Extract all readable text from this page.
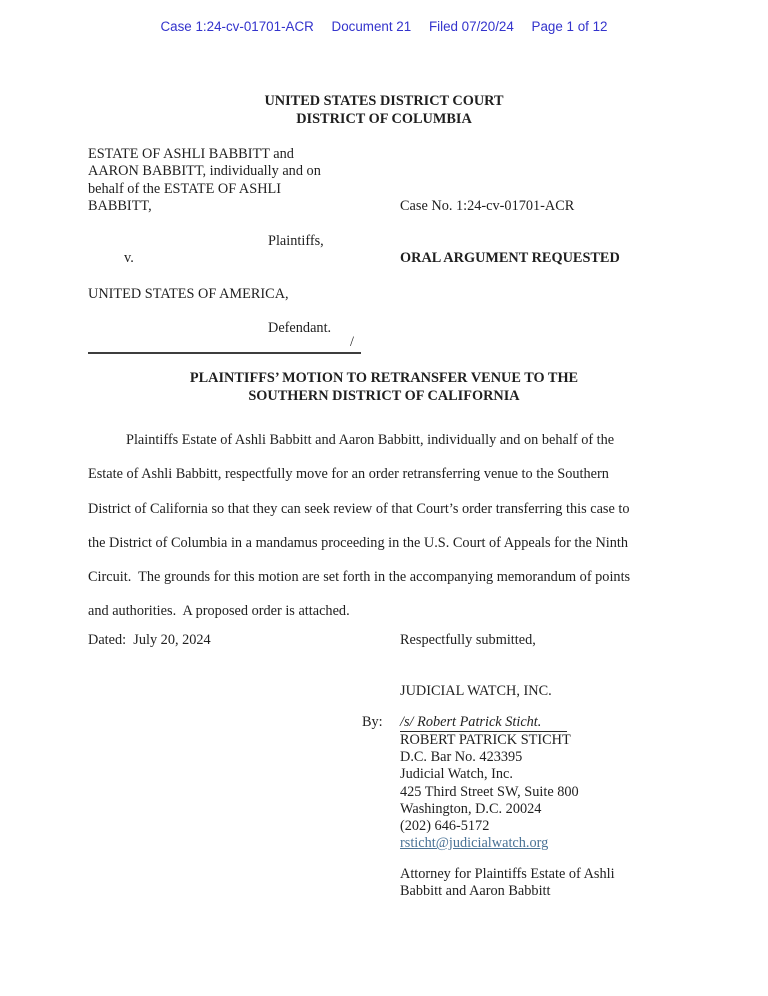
Case 1:24-cv-01701-ACR Document 21 Filed 07/20/24 Page 1 of 12
UNITED STATES DISTRICT COURT
DISTRICT OF COLUMBIA
ESTATE OF ASHLI BABBITT and
AARON BABBITT, individually and on
behalf of the ESTATE OF ASHLI
BABBITT,	Case No. 1:24-cv-01701-ACR
Plaintiffs,
v.	ORAL ARGUMENT REQUESTED
UNITED STATES OF AMERICA,
Defendant.
/
PLAINTIFFS’ MOTION TO RETRANSFER VENUE TO THE
SOUTHERN DISTRICT OF CALIFORNIA
Plaintiffs Estate of Ashli Babbitt and Aaron Babbitt, individually and on behalf of the
Estate of Ashli Babbitt, respectfully move for an order retransferring venue to the Southern
District of California so that they can seek review of that Court’s order transferring this case to
the District of Columbia in a mandamus proceeding in the U.S. Court of Appeals for the Ninth
Circuit.  The grounds for this motion are set forth in the accompanying memorandum of points
and authorities.  A proposed order is attached.
Dated:  July 20, 2024	Respectfully submitted,
JUDICIAL WATCH, INC.
By: /s/ Robert Patrick Sticht.
ROBERT PATRICK STICHT
D.C. Bar No. 423395
Judicial Watch, Inc.
425 Third Street SW, Suite 800
Washington, D.C. 20024
(202) 646-5172
rsticht@judicialwatch.org
Attorney for Plaintiffs Estate of Ashli
Babbitt and Aaron Babbitt
